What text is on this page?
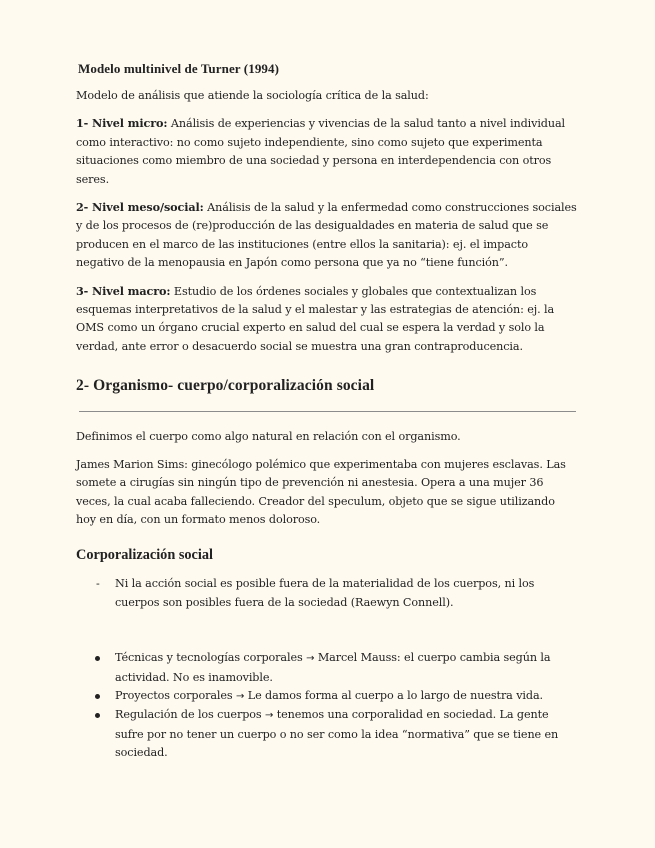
Modelo multinivel de Turner (1994)

Modelo de análisis que atiende la sociología crítica de la salud:

1- Nivel micro: Análisis de experiencias y vivencias de la salud tanto a nivel individual como interactivo: no como sujeto independiente, sino como sujeto que experimenta situaciones como miembro de una sociedad y persona en interdependencia con otros seres.

2- Nivel meso/social: Análisis de la salud y la enfermedad como construcciones sociales y de los procesos de (re)producción de las desigualdades en materia de salud que se producen en el marco de las instituciones (entre ellos la sanitaria): ej. el impacto negativo de la menopausia en Japón como persona que ya no “tiene función”.

3- Nivel macro: Estudio de los órdenes sociales y globales que contextualizan los esquemas interpretativos de la salud y el malestar y las estrategias de atención: ej. la OMS como un órgano crucial experto en salud del cual se espera la verdad y solo la verdad, ante error o desacuerdo social se muestra una gran contraproducencia.

2- Organismo- cuerpo/corporalización social

Definimos el cuerpo como algo natural en relación con el organismo.

James Marion Sims: ginecólogo polémico que experimentaba con mujeres esclavas. Las somete a cirugías sin ningún tipo de prevención ni anestesia. Opera a una mujer 36 veces, la cual acaba falleciendo. Creador del speculum, objeto que se sigue utilizando hoy en día, con un formato menos doloroso.

Corporalización social
- Ni la acción social es posible fuera de la materialidad de los cuerpos, ni los cuerpos son posibles fuera de la sociedad (Raewyn Connell).
Técnicas y tecnologías corporales → Marcel Mauss: el cuerpo cambia según la actividad. No es inamovible.
Proyectos corporales → Le damos forma al cuerpo a lo largo de nuestra vida.
Regulación de los cuerpos → tenemos una corporalidad en sociedad. La gente sufre por no tener un cuerpo o no ser como la idea “normativa” que se tiene en sociedad.
